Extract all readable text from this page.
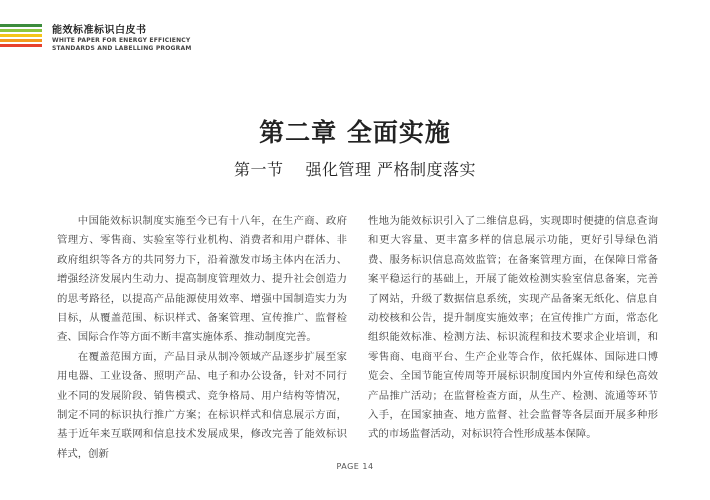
能效标准标识白皮书
WHITE PAPER FOR ENERGY EFFICIENCY
STANDARDS AND LABELLING PROGRAM
第二章 全面实施
第一节 强化管理 严格制度落实

中国能效标识制度实施至今已有十八年，在生产商、政府管理方、零售商、实验室等行业机构、消费者和用户群体、非政府组织等各方的共同努力下，沿着激发市场主体内在活力、增强经济发展内生动力、提高制度管理效力、提升社会创造力的思考路径，以提高产品能源使用效率、增强中国制造实力为目标，从覆盖范围、标识样式、备案管理、宣传推广、监督检查、国际合作等方面不断丰富实施体系、推动制度完善。

在覆盖范围方面，产品目录从制冷领域产品逐步扩展至家用电器、工业设备、照明产品、电子和办公设备，针对不同行业不同的发展阶段、销售模式、竞争格局、用户结构等情况，制定不同的标识执行推广方案；在标识样式和信息展示方面，基于近年来互联网和信息技术发展成果，修改完善了能效标识样式，创新

性地为能效标识引入了二维信息码，实现即时便捷的信息查询和更大容量、更丰富多样的信息展示功能，更好引导绿色消费、服务标识信息高效监管；在备案管理方面，在保障日常备案平稳运行的基础上，开展了能效检测实验室信息备案，完善了网站，升级了数据信息系统，实现产品备案无纸化、信息自动校核和公告，提升制度实施效率；在宣传推广方面，常态化组织能效标准、检测方法、标识流程和技术要求企业培训，和零售商、电商平台、生产企业等合作，依托媒体、国际进口博览会、全国节能宣传周等开展标识制度国内外宣传和绿色高效产品推广活动；在监督检查方面，从生产、检测、流通等环节入手，在国家抽查、地方监督、社会监督等各层面开展多种形式的市场监督活动，对标识符合性形成基本保障。

PAGE 14
